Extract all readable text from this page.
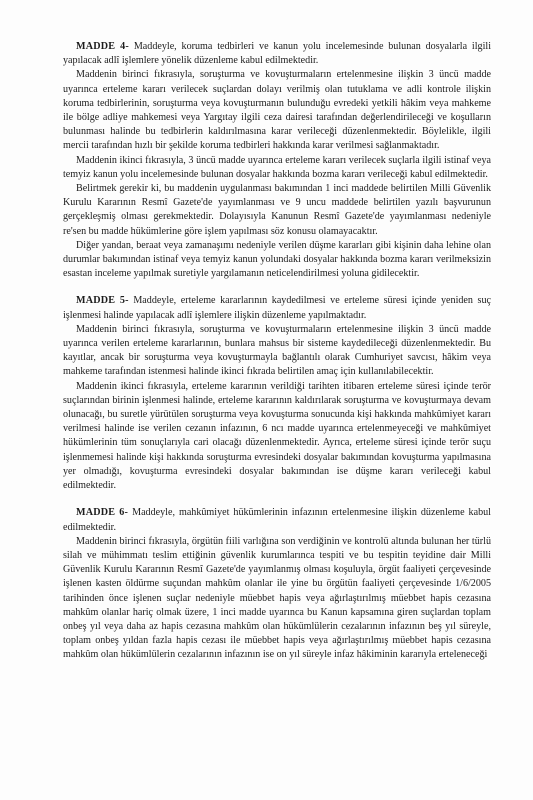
MADDE 4- Maddeyle, koruma tedbirleri ve kanun yolu incelemesinde bulunan dosyalarla ilgili yapılacak adlî işlemlere yönelik düzenleme kabul edilmektedir.

Maddenin birinci fıkrasıyla, soruşturma ve kovuşturmaların ertelenmesine ilişkin 3 üncü madde uyarınca erteleme kararı verilecek suçlardan dolayı verilmiş olan tutuklama ve adli kontrole ilişkin koruma tedbirlerinin, soruşturma veya kovuşturmanın bulunduğu evredeki yetkili hâkim veya mahkeme ile bölge adliye mahkemesi veya Yargıtay ilgili ceza dairesi tarafından değerlendirileceği ve koşulların bulunması halinde bu tedbirlerin kaldırılmasına karar verileceği düzenlenmektedir. Böylelikle, ilgili mercii tarafından hızlı bir şekilde koruma tedbirleri hakkında karar verilmesi sağlanmaktadır.

Maddenin ikinci fıkrasıyla, 3 üncü madde uyarınca erteleme kararı verilecek suçlarla ilgili istinaf veya temyiz kanun yolu incelemesinde bulunan dosyalar hakkında bozma kararı verileceği kabul edilmektedir.

Belirtmek gerekir ki, bu maddenin uygulanması bakımından 1 inci maddede belirtilen Milli Güvenlik Kurulu Kararının Resmî Gazete'de yayımlanması ve 9 uncu maddede belirtilen yazılı başvurunun gerçekleşmiş olması gerekmektedir. Dolayısıyla Kanunun Resmî Gazete'de yayımlanması nedeniyle re'sen bu madde hükümlerine göre işlem yapılması söz konusu olamayacaktır.

Diğer yandan, beraat veya zamanaşımı nedeniyle verilen düşme kararları gibi kişinin daha lehine olan durumlar bakımından istinaf veya temyiz kanun yolundaki dosyalar hakkında bozma kararı verilmeksizin esastan inceleme yapılmak suretiyle yargılamanın neticelendirilmesi yoluna gidilecektir.

MADDE 5- Maddeyle, erteleme kararlarının kaydedilmesi ve erteleme süresi içinde yeniden suç işlenmesi halinde yapılacak adlî işlemlere ilişkin düzenleme yapılmaktadır.

Maddenin birinci fıkrasıyla, soruşturma ve kovuşturmaların ertelenmesine ilişkin 3 üncü madde uyarınca verilen erteleme kararlarının, bunlara mahsus bir sisteme kaydedileceği düzenlenmektedir. Bu kayıtlar, ancak bir soruşturma veya kovuşturmayla bağlantılı olarak Cumhuriyet savcısı, hâkim veya mahkeme tarafından istenmesi halinde ikinci fıkrada belirtilen amaç için kullanılabilecektir.

Maddenin ikinci fıkrasıyla, erteleme kararının verildiği tarihten itibaren erteleme süresi içinde terör suçlarından birinin işlenmesi halinde, erteleme kararının kaldırılarak soruşturma ve kovuşturmaya devam olunacağı, bu suretle yürütülen soruşturma veya kovuşturma sonucunda kişi hakkında mahkûmiyet kararı verilmesi halinde ise verilen cezanın infazının, 6 ncı madde uyarınca ertelenmeyeceği ve mahkûmiyet hükümlerinin tüm sonuçlarıyla cari olacağı düzenlenmektedir. Ayrıca, erteleme süresi içinde terör suçu işlenmemesi halinde kişi hakkında soruşturma evresindeki dosyalar bakımından kovuşturma yapılmasına yer olmadığı, kovuşturma evresindeki dosyalar bakımından ise düşme kararı verileceği kabul edilmektedir.

MADDE 6- Maddeyle, mahkûmiyet hükümlerinin infazının ertelenmesine ilişkin düzenleme kabul edilmektedir.

Maddenin birinci fıkrasıyla, örgütün fiili varlığına son verdiğinin ve kontrolü altında bulunan her türlü silah ve mühimmatı teslim ettiğinin güvenlik kurumlarınca tespiti ve bu tespitin teyidine dair Milli Güvenlik Kurulu Kararının Resmî Gazete'de yayımlanmış olması koşuluyla, örgüt faaliyeti çerçevesinde işlenen kasten öldürme suçundan mahkûm olanlar ile yine bu örgütün faaliyeti çerçevesinde 1/6/2005 tarihinden önce işlenen suçlar nedeniyle müebbet hapis veya ağırlaştırılmış müebbet hapis cezasına mahkûm olanlar hariç olmak üzere, 1 inci madde uyarınca bu Kanun kapsamına giren suçlardan toplam onbeş yıl veya daha az hapis cezasına mahkûm olan hükümlülerin cezalarının infazının beş yıl süreyle, toplam onbeş yıldan fazla hapis cezası ile müebbet hapis veya ağırlaştırılmış müebbet hapis cezasına mahkûm olan hükümlülerin cezalarının infazının ise on yıl süreyle infaz hâkiminin kararıyla erteleneceği
